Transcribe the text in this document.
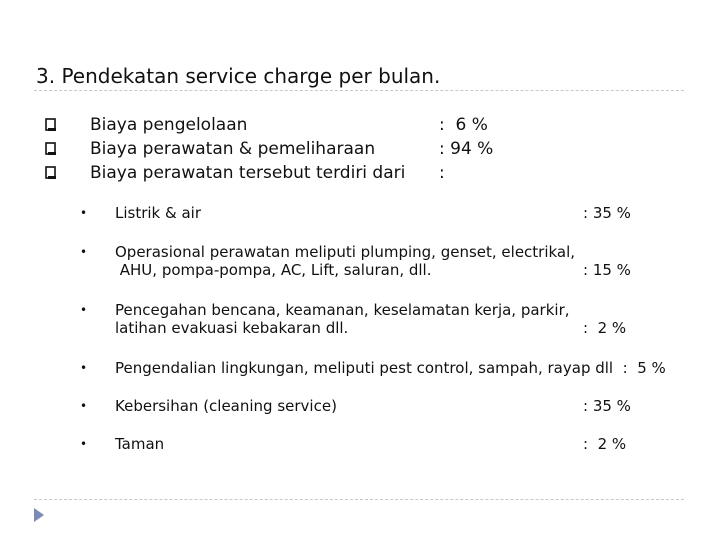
3. Pendekatan service charge per bulan.
Biaya pengelolaan	:  6 %
Biaya perawatan & pemeliharaan	: 94 %
Biaya perawatan tersebut terdiri dari :
• Listrik & air	: 35 %
• Operasional perawatan meliputi plumping, genset, electrikal,
AHU, pompa-pompa, AC, Lift, saluran, dll.	: 15 %
• Pencegahan bencana, keamanan, keselamatan kerja, parkir,
latihan evakuasi kebakaran dll.	:  2 %
• Pengendalian lingkungan, meliputi pest control, sampah, rayap dll  :  5 %
• Kebersihan (cleaning service)	: 35 %
• Taman	:  2 %
